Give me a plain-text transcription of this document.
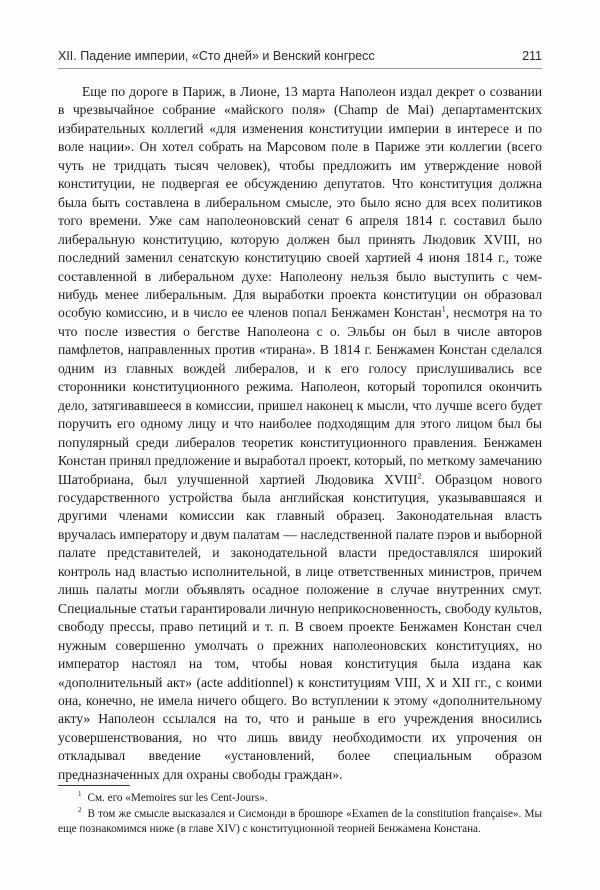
XII. Падение империи, «Сто дней» и Венский конгресс	211

Еще по дороге в Париж, в Лионе, 13 марта Наполеон издал декрет о созвании в чрезвычайное собрание «майского поля» (Champ de Mai) департаментских избирательных коллегий «для изменения конституции империи в интересе и по воле нации». Он хотел собрать на Марсовом поле в Париже эти коллегии (всего чуть не тридцать тысяч человек), чтобы предложить им утверждение новой конституции, не подвергая ее обсуждению депутатов. Что конституция должна была быть составлена в либеральном смысле, это было ясно для всех политиков того времени. Уже сам наполеоновский сенат 6 апреля 1814 г. составил было либеральную конституцию, которую должен был принять Людовик XVIII, но последний заменил сенатскую конституцию своей хартией 4 июня 1814 г., тоже составленной в либеральном духе: Наполеону нельзя было выступить с чем-нибудь менее либеральным. Для выработки проекта конституции он образовал особую комиссию, и в число ее членов попал Бенжамен Констан$^1$, несмотря на то что после известия о бегстве Наполеона с о. Эльбы он был в числе авторов памфлетов, направленных против «тирана». В 1814 г. Бенжамен Констан сделался одним из главных вождей либералов, и к его голосу прислушивались все сторонники конституционного режима. Наполеон, который торопился окончить дело, затягивавшееся в комиссии, пришел наконец к мысли, что лучше всего будет поручить его одному лицу и что наиболее подходящим для этого лицом был бы популярный среди либералов теоретик конституционного правления. Бенжамен Констан принял предложение и выработал проект, который, по меткому замечанию Шатобриана, был улучшенной хартией Людовика XVIII$^2$. Образцом нового государственного устройства была английская конституция, указывавшаяся и другими членами комиссии как главный образец. Законодательная власть вручалась императору и двум палатам — наследственной палате пэров и выборной палате представителей, и законодательной власти предоставлялся широкий контроль над властью исполнительной, в лице ответственных министров, причем лишь палаты могли объявлять осадное положение в случае внутренних смут. Специальные статьи гарантировали личную неприкосновенность, свободу культов, свободу прессы, право петиций и т. п. В своем проекте Бенжамен Констан счел нужным совершенно умолчать о прежних наполеоновских конституциях, но император настоял на том, чтобы новая конституция была издана как «дополнительный акт» (acte additionnel) к конституциям VIII, X и XII гг., с коими она, конечно, не имела ничего общего. Во вступлении к этому «дополнительному акту» Наполеон ссылался на то, что и раньше в его учреждения вносились усовершенствования, но что лишь ввиду необходимости их упрочения он откладывал введение «установлений, более специальным образом предназначенных для охраны свободы граждан».

$^1$ См. его «Memoires sur les Cent-Jours».

$^2$ В том же смысле высказался и Сисмонди в брошюре «Examen de la constitution française». Мы еще познакомимся ниже (в главе XIV) с конституционной теорией Бенжамена Констана.
